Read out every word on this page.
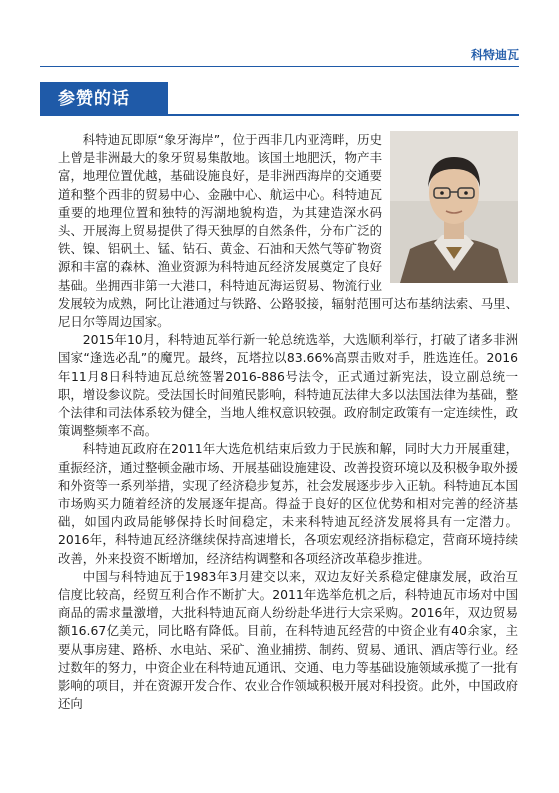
科特迪瓦
参赞的话

科特迪瓦即原“象牙海岸”，位于西非几内亚湾畔，历史上曾是非洲最大的象牙贸易集散地。该国土地肥沃，物产丰富，地理位置优越，基础设施良好，是非洲西海岸的交通要道和整个西非的贸易中心、金融中心、航运中心。科特迪瓦重要的地理位置和独特的泻湖地貌构造，为其建造深水码头、开展海上贸易提供了得天独厚的自然条件，分布广泛的铁、镍、铝矾土、锰、钻石、黄金、石油和天然气等矿物资源和丰富的森林、渔业资源为科特迪瓦经济发展奠定了良好基础。坐拥西非第一大港口，科特迪瓦海运贸易、物流行业发展较为成熟，阿比让港通过与铁路、公路驳接，辐射范围可达布基纳法索、马里、尼日尔等周边国家。

2015年10月，科特迪瓦举行新一轮总统选举，大选顺利举行，打破了诸多非洲国家“逢选必乱”的魔咒。最终，瓦塔拉以83.66%高票击败对手，胜选连任。2016年11月8日科特迪瓦总统签署2016-886号法令，正式通过新宪法，设立副总统一职，增设参议院。受法国长时间殖民影响，科特迪瓦法律大多以法国法律为基础，整个法律和司法体系较为健全，当地人维权意识较强。政府制定政策有一定连续性，政策调整频率不高。

科特迪瓦政府在2011年大选危机结束后致力于民族和解，同时大力开展重建，重振经济，通过整顿金融市场、开展基础设施建设、改善投资环境以及积极争取外援和外资等一系列举措，实现了经济稳步复苏，社会发展逐步步入正轨。科特迪瓦本国市场购买力随着经济的发展逐年提高。得益于良好的区位优势和相对完善的经济基础，如国内政局能够保持长时间稳定，未来科特迪瓦经济发展将具有一定潜力。2016年，科特迪瓦经济继续保持高速增长，各项宏观经济指标稳定，营商环境持续改善，外来投资不断增加，经济结构调整和各项经济改革稳步推进。

中国与科特迪瓦于1983年3月建交以来，双边友好关系稳定健康发展，政治互信度比较高，经贸互利合作不断扩大。2011年选举危机之后，科特迪瓦市场对中国商品的需求量激增，大批科特迪瓦商人纷纷赴华进行大宗采购。2016年，双边贸易额16.67亿美元，同比略有降低。目前，在科特迪瓦经营的中资企业有40余家，主要从事房建、路桥、水电站、采矿、渔业捕捞、制药、贸易、通讯、酒店等行业。经过数年的努力，中资企业在科特迪瓦通讯、交通、电力等基础设施领域承揽了一批有影响的项目，并在资源开发合作、农业合作领域积极开展对科投资。此外，中国政府还向
